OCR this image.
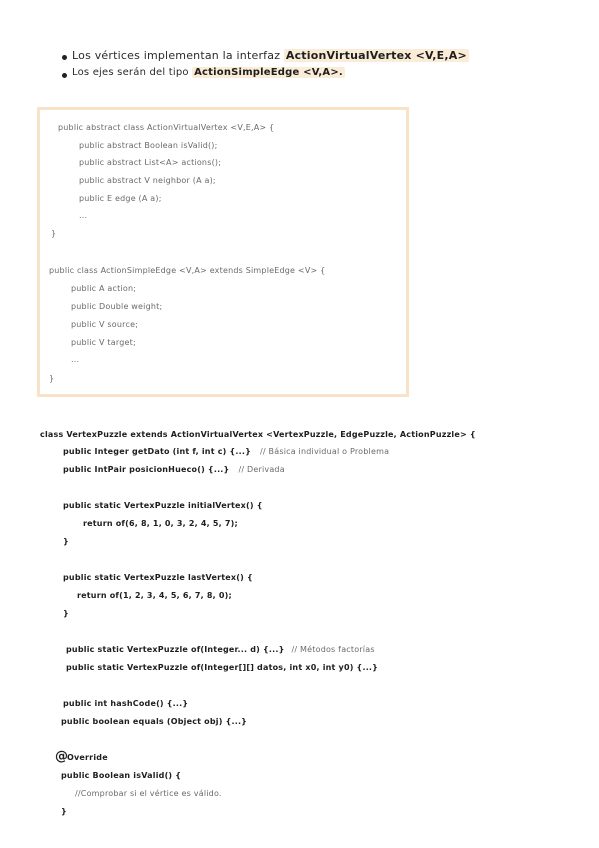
Los vértices implementan la interfaz ActionVirtualVertex <V,E,A>
Los ejes serán del tipo ActionSimpleEdge <V,A>.
public abstract class ActionVirtualVertex <V,E,A> {
public abstract Boolean isValid();
public abstract List<A> actions();
public abstract V neighbor (A a);
public E edge (A a);
...
}
public class ActionSimpleEdge <V,A> extends SimpleEdge <V> {
public A action;
public Double weight;
public V source;
public V target;
...
}
class VertexPuzzle extends ActionVirtualVertex <VertexPuzzle, EdgePuzzle, ActionPuzzle> {
public Integer getDato (int f, int c) {...} // Básica individual o Problema
public IntPair posicionHueco() {...} // Derivada
public static VertexPuzzle initialVertex() {
return of(6, 8, 1, 0, 3, 2, 4, 5, 7);
}
public static VertexPuzzle lastVertex() {
return of(1, 2, 3, 4, 5, 6, 7, 8, 0);
}
public static VertexPuzzle of(Integer... d) {...} // Métodos factorías
public static VertexPuzzle of(Integer[][] datos, int x0, int y0) {...}
public int hashCode() {...}
public boolean equals (Object obj) {...}
@ Override
public Boolean isValid() {
//Comprobar si el vértice es válido.
}
